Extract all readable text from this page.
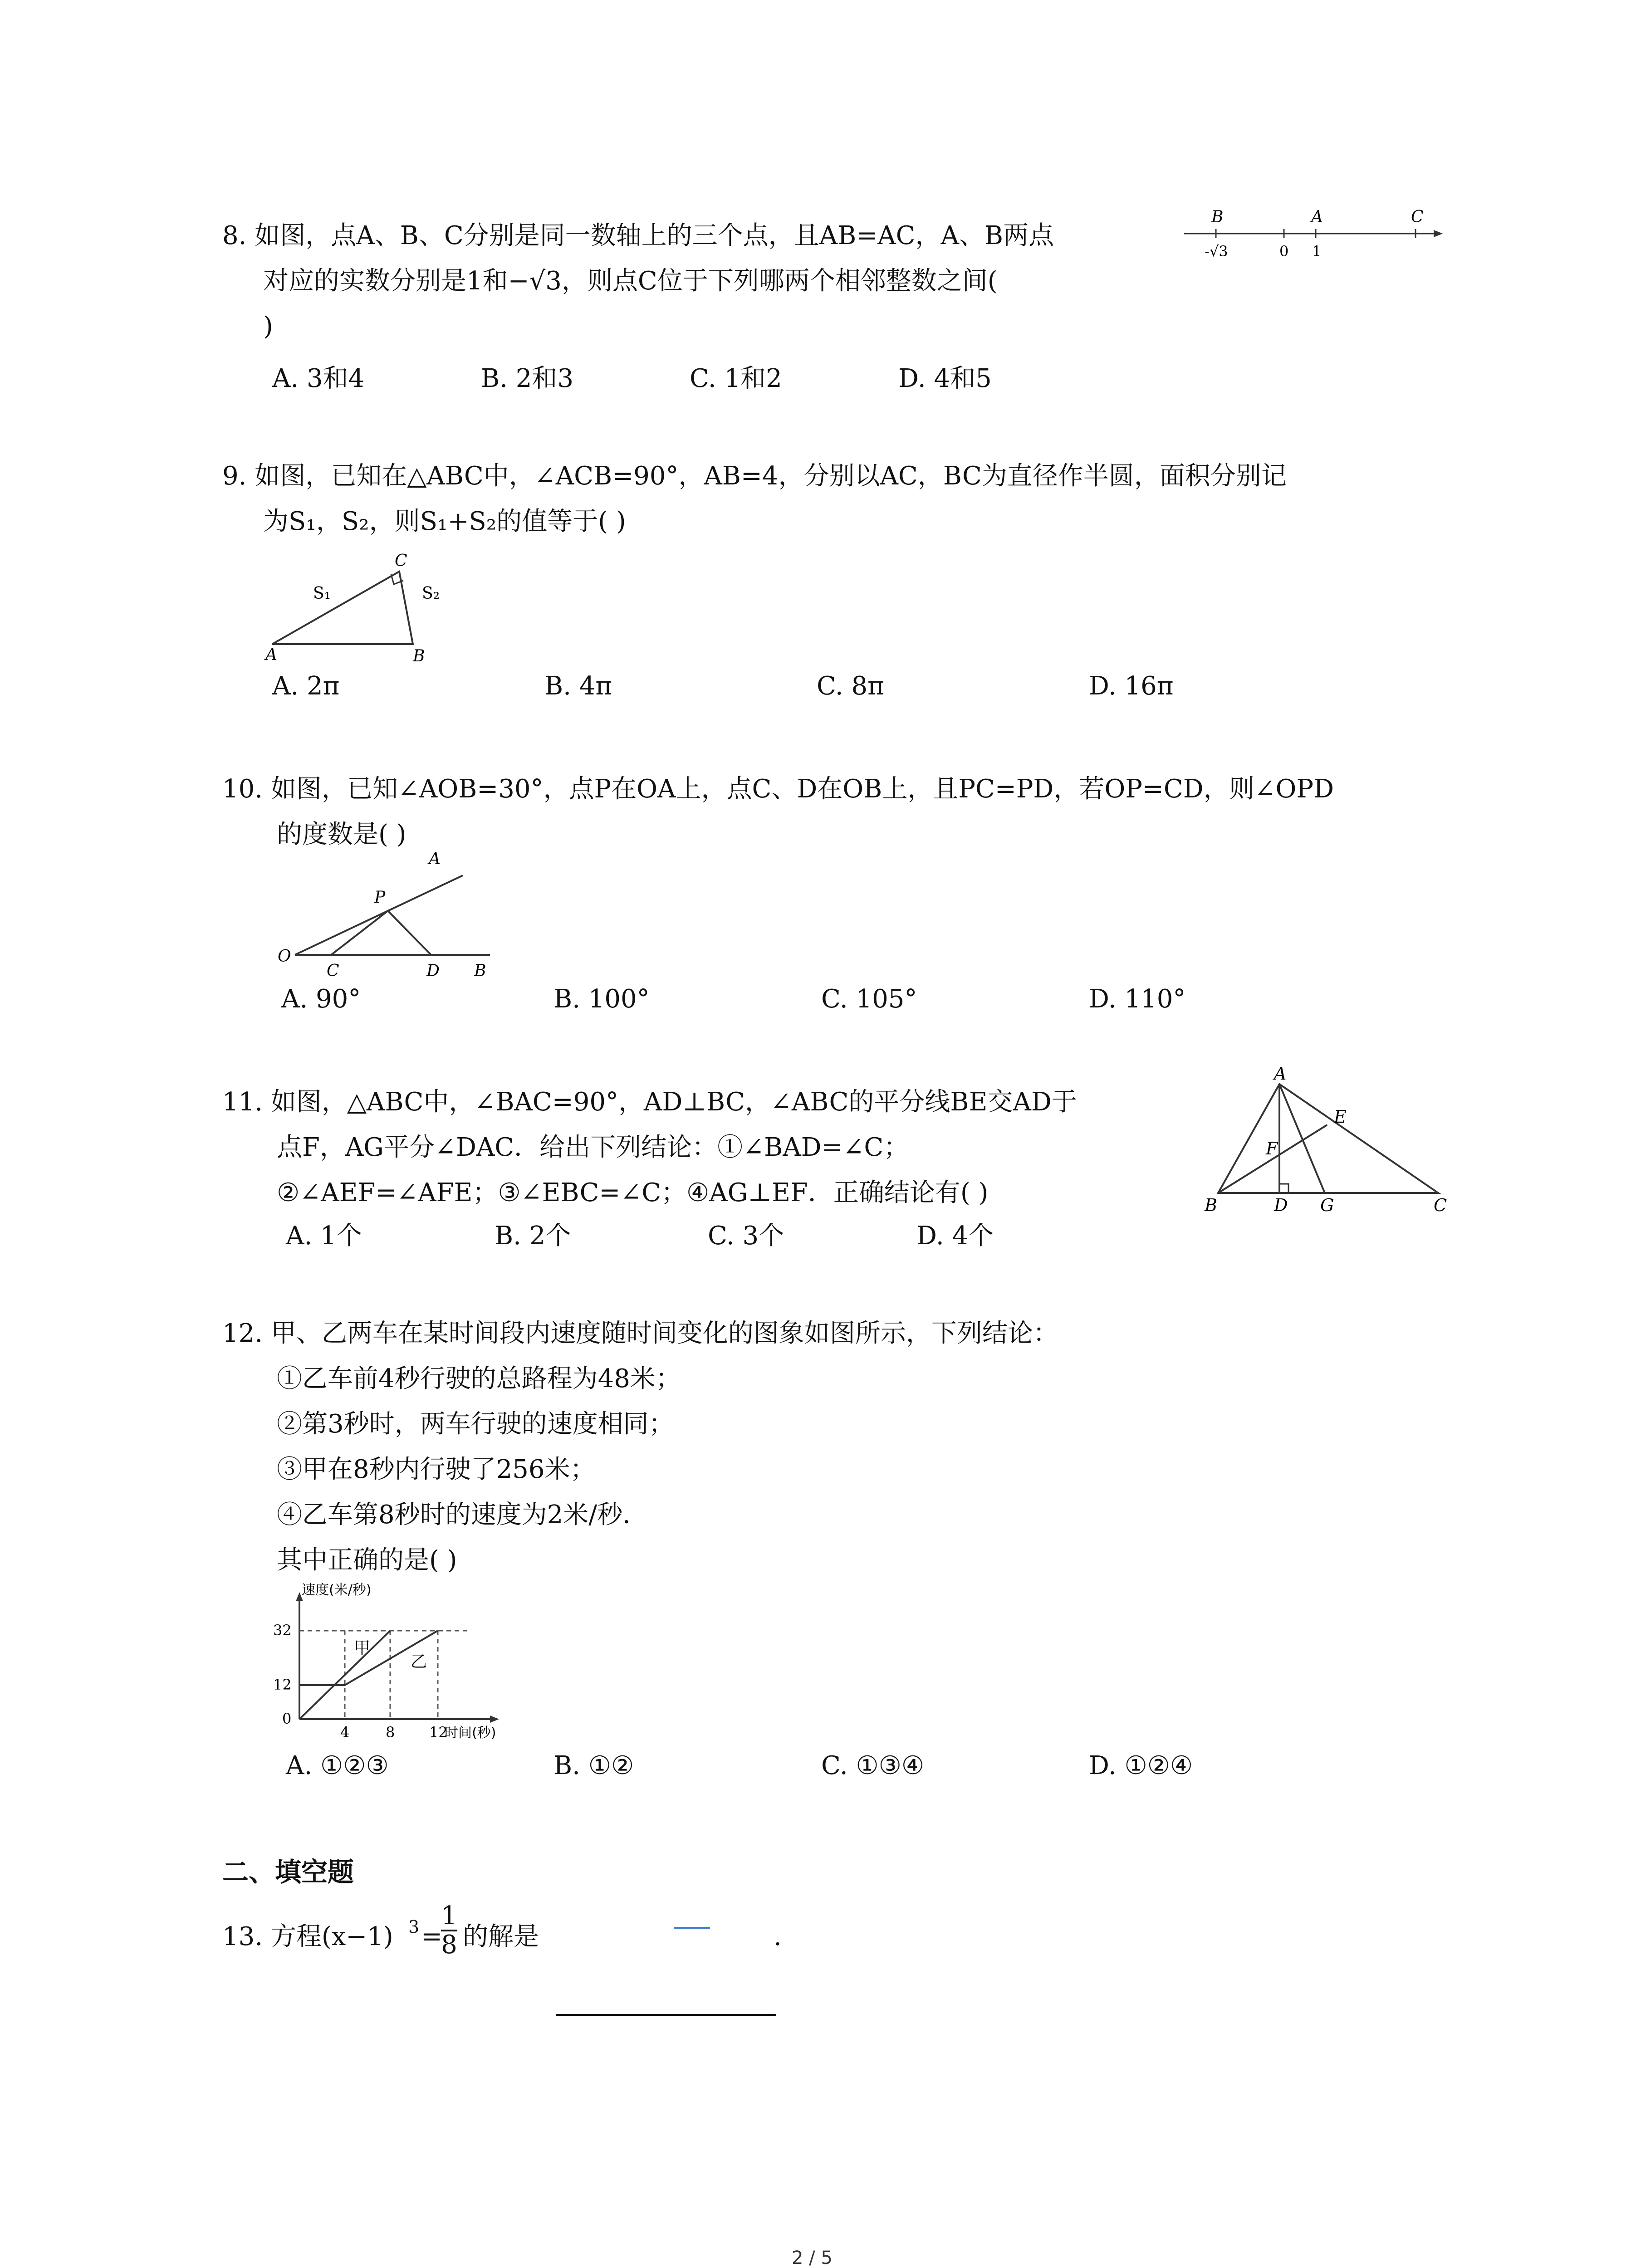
8. 如图，点A、B、C分别是同一数轴上的三个点，且AB=AC，A、B两点
对应的实数分别是1和−√3，则点C位于下列哪两个相邻整数之间(
)
A. 3和4	B. 2和3	C. 1和2	D. 4和5
B	A	C
-√3	0 1
9. 如图，已知在△ABC中，∠ACB=90°，AB=4，分别以AC，BC为直径作半圆，面积分别记
为S₁，S₂，则S₁+S₂的值等于( )
A	B
C
S₁	S₂
A. 2π	B. 4π	C. 8π	D. 16π
10. 如图，已知∠AOB=30°，点P在OA上，点C、D在OB上，且PC=PD，若OP=CD，则∠OPD
的度数是( )
O
A
P
C	D B
A. 90°	B. 100°	C. 105°	D. 110°
11. 如图，△ABC中，∠BAC=90°，AD⊥BC，∠ABC的平分线BE交AD于
点F，AG平分∠DAC．给出下列结论：①∠BAD=∠C；
②∠AEF=∠AFE；③∠EBC=∠C；④AG⊥EF．正确结论有( )
A. 1个	B. 2个	C. 3个	D. 4个
A
E
F
B	D G	C
12. 甲、乙两车在某时间段内速度随时间变化的图象如图所示，下列结论：
①乙车前4秒行驶的总路程为48米；
②第3秒时，两车行驶的速度相同；
③甲在8秒内行驶了256米；
④乙车第8秒时的速度为2米/秒．
其中正确的是( )
速度(米/秒)
时间(秒)
32
12
0
4 8 12
甲
乙
A. ①②③	B. ①②	C. ①③④	D. ①②④
二、填空题
13. 方程(x−1) 3 =
1
8 的解是	.
2 / 5
